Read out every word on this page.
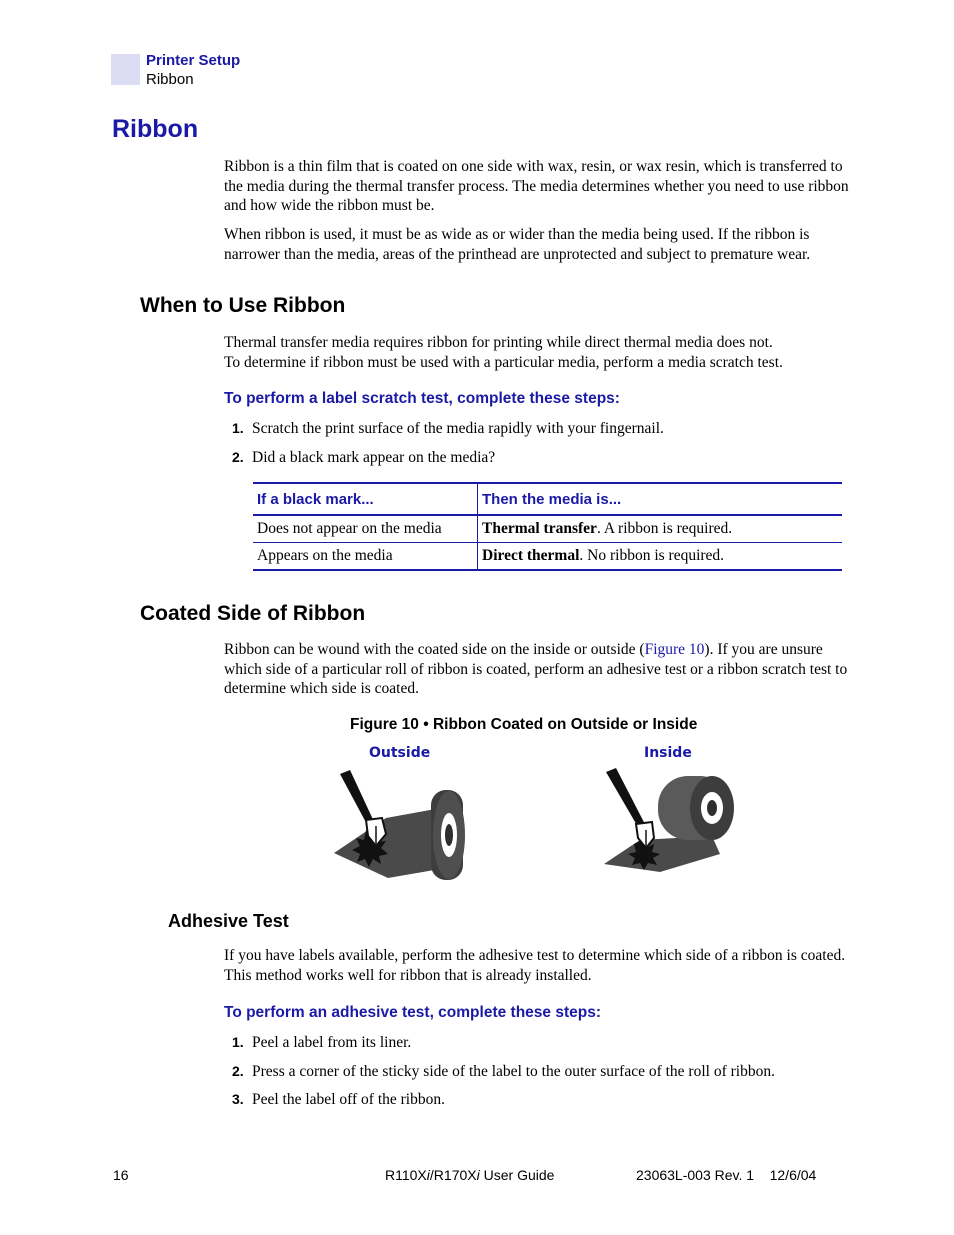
Printer Setup
Ribbon
Ribbon
Ribbon is a thin film that is coated on one side with wax, resin, or wax resin, which is transferred to the media during the thermal transfer process. The media determines whether you need to use ribbon and how wide the ribbon must be.
When ribbon is used, it must be as wide as or wider than the media being used. If the ribbon is narrower than the media, areas of the printhead are unprotected and subject to premature wear.
When to Use Ribbon
Thermal transfer media requires ribbon for printing while direct thermal media does not.
To determine if ribbon must be used with a particular media, perform a media scratch test.
To perform a label scratch test, complete these steps:
1. Scratch the print surface of the media rapidly with your fingernail.
2. Did a black mark appear on the media?
If a black mark...	Then the media is...
Does not appear on the media	Thermal transfer. A ribbon is required.
Appears on the media	Direct thermal. No ribbon is required.
Coated Side of Ribbon
Ribbon can be wound with the coated side on the inside or outside (Figure 10). If you are unsure which side of a particular roll of ribbon is coated, perform an adhesive test or a ribbon scratch test to determine which side is coated.
Figure 10 • Ribbon Coated on Outside or Inside
Outside	Inside
Adhesive Test
If you have labels available, perform the adhesive test to determine which side of a ribbon is coated. This method works well for ribbon that is already installed.
To perform an adhesive test, complete these steps:
1. Peel a label from its liner.
2. Press a corner of the sticky side of the label to the outer surface of the roll of ribbon.
3. Peel the label off of the ribbon.
16	R110Xi/R170Xi User Guide	23063L-003 Rev. 1    12/6/04
